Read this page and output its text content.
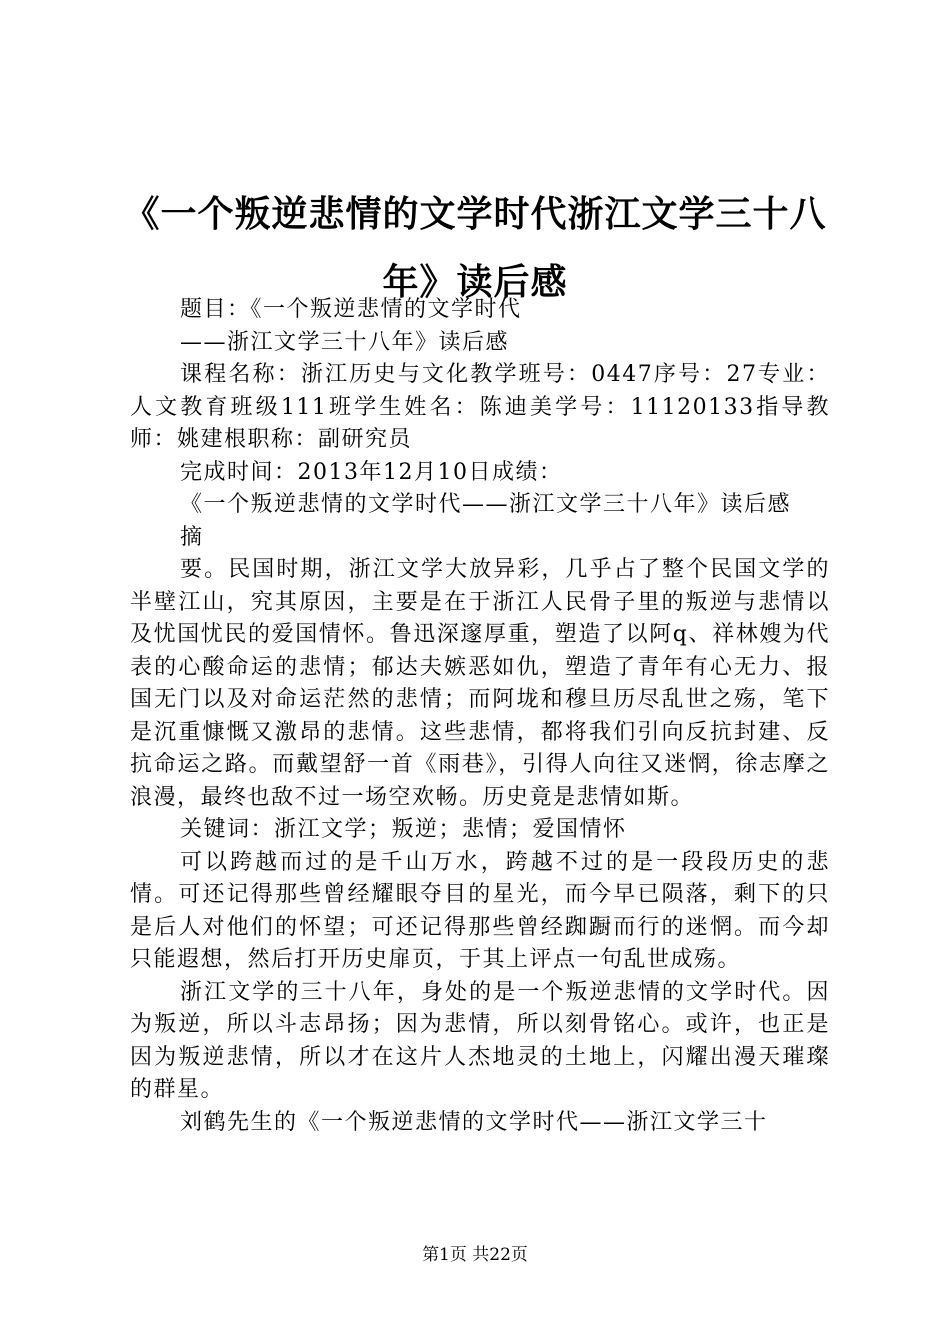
《一个叛逆悲情的文学时代浙江文学三十八
年》读后感

题目：《一个叛逆悲情的文学时代

——浙江文学三十八年》读后感

课程名称：浙江历史与文化教学班号：0447序号：27专业：人文教育班级111班学生姓名：陈迪美学号：11120133指导教师：姚建根职称：副研究员

完成时间：2013年12月10日成绩：

《一个叛逆悲情的文学时代——浙江文学三十八年》读后感

摘

要。民国时期，浙江文学大放异彩，几乎占了整个民国文学的半壁江山，究其原因，主要是在于浙江人民骨子里的叛逆与悲情以及忧国忧民的爱国情怀。鲁迅深邃厚重，塑造了以阿q、祥林嫂为代表的心酸命运的悲情；郁达夫嫉恶如仇，塑造了青年有心无力、报国无门以及对命运茫然的悲情；而阿垅和穆旦历尽乱世之殇，笔下是沉重慷慨又激昂的悲情。这些悲情，都将我们引向反抗封建、反抗命运之路。而戴望舒一首《雨巷》，引得人向往又迷惘，徐志摩之浪漫，最终也敌不过一场空欢畅。历史竟是悲情如斯。

关键词：浙江文学；叛逆；悲情；爱国情怀

可以跨越而过的是千山万水，跨越不过的是一段段历史的悲情。可还记得那些曾经耀眼夺目的星光，而今早已陨落，剩下的只是后人对他们的怀望；可还记得那些曾经踟蹰而行的迷惘。而今却只能遐想，然后打开历史扉页，于其上评点一句乱世成殇。

浙江文学的三十八年，身处的是一个叛逆悲情的文学时代。因为叛逆，所以斗志昂扬；因为悲情，所以刻骨铭心。或许，也正是因为叛逆悲情，所以才在这片人杰地灵的土地上，闪耀出漫天璀璨的群星。

刘鹤先生的《一个叛逆悲情的文学时代——浙江文学三十

第1页 共22页
